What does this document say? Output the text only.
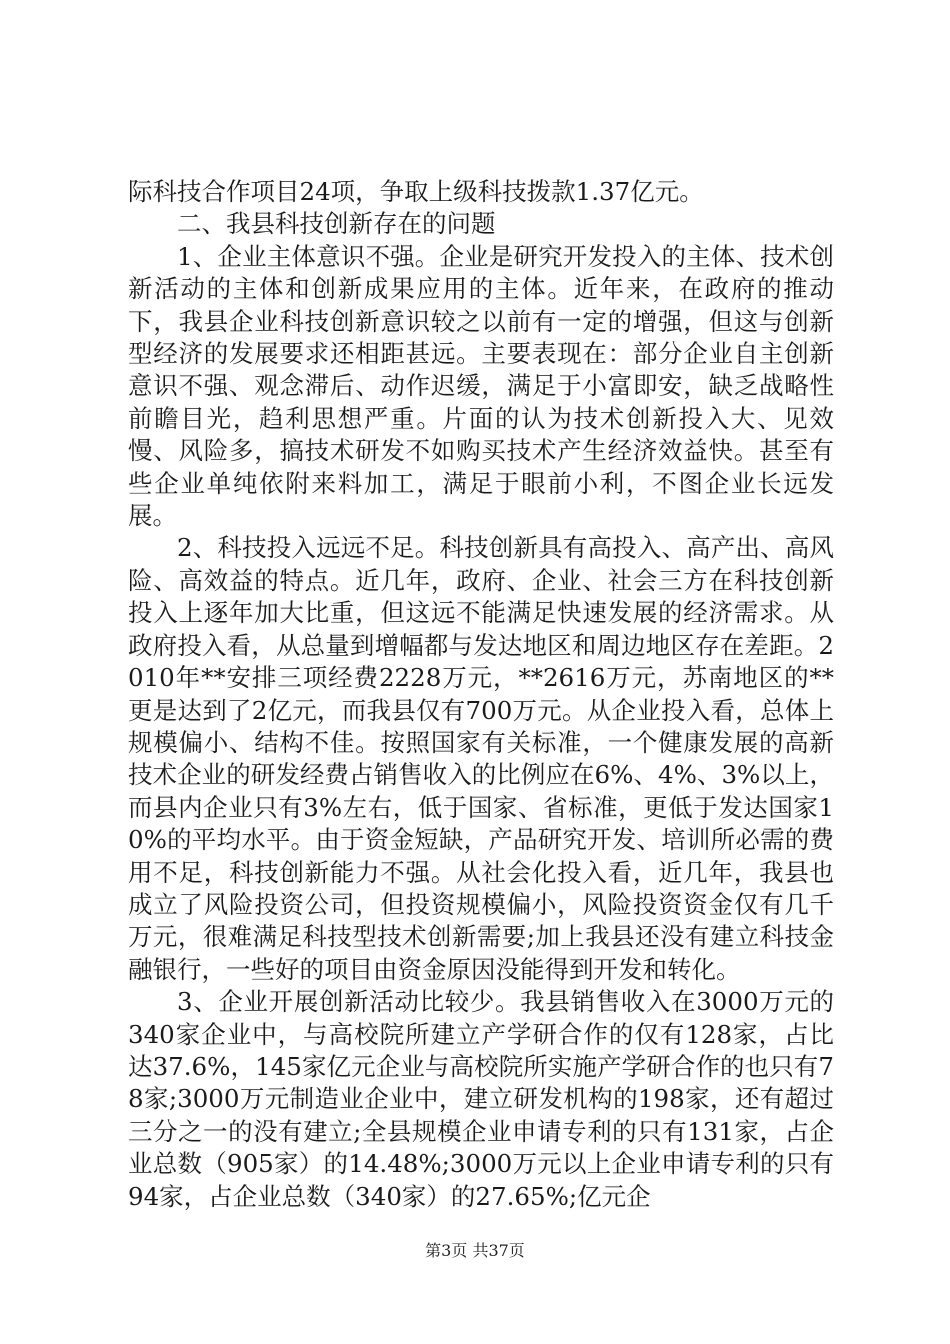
际科技合作项目24项，争取上级科技拨款1.37亿元。

二、我县科技创新存在的问题

1、企业主体意识不强。企业是研究开发投入的主体、技术创新活动的主体和创新成果应用的主体。近年来，在政府的推动下，我县企业科技创新意识较之以前有一定的增强，但这与创新型经济的发展要求还相距甚远。主要表现在：部分企业自主创新意识不强、观念滞后、动作迟缓，满足于小富即安，缺乏战略性前瞻目光，趋利思想严重。片面的认为技术创新投入大、见效慢、风险多，搞技术研发不如购买技术产生经济效益快。甚至有些企业单纯依附来料加工，满足于眼前小利，不图企业长远发展。

2、科技投入远远不足。科技创新具有高投入、高产出、高风险、高效益的特点。近几年，政府、企业、社会三方在科技创新投入上逐年加大比重，但这远不能满足快速发展的经济需求。从政府投入看，从总量到增幅都与发达地区和周边地区存在差距。2010年**安排三项经费2228万元，**2616万元，苏南地区的**更是达到了2亿元，而我县仅有700万元。从企业投入看，总体上规模偏小、结构不佳。按照国家有关标准，一个健康发展的高新技术企业的研发经费占销售收入的比例应在6%、4%、3%以上，而县内企业只有3%左右，低于国家、省标准，更低于发达国家10%的平均水平。由于资金短缺，产品研究开发、培训所必需的费用不足，科技创新能力不强。从社会化投入看，近几年，我县也成立了风险投资公司，但投资规模偏小，风险投资资金仅有几千万元，很难满足科技型技术创新需要;加上我县还没有建立科技金融银行，一些好的项目由资金原因没能得到开发和转化。

3、企业开展创新活动比较少。我县销售收入在3000万元的340家企业中，与高校院所建立产学研合作的仅有128家，占比达37.6%，145家亿元企业与高校院所实施产学研合作的也只有78家;3000万元制造业企业中，建立研发机构的198家，还有超过三分之一的没有建立;全县规模企业申请专利的只有131家，占企业总数（905家）的14.48%;3000万元以上企业申请专利的只有94家，占企业总数（340家）的27.65%;亿元企

第3页 共37页
